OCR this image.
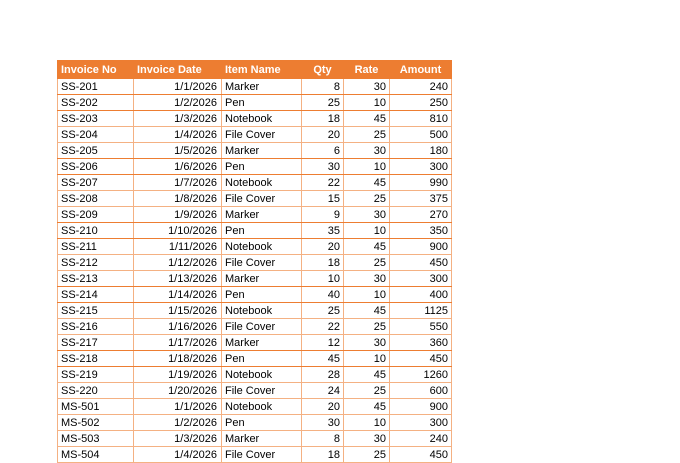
Invoice No	Invoice Date	Item Name	Qty	Rate	Amount
SS-201	1/1/2026	Marker	8	30	240
SS-202	1/2/2026	Pen	25	10	250
SS-203	1/3/2026	Notebook	18	45	810
SS-204	1/4/2026	File Cover	20	25	500
SS-205	1/5/2026	Marker	6	30	180
SS-206	1/6/2026	Pen	30	10	300
SS-207	1/7/2026	Notebook	22	45	990
SS-208	1/8/2026	File Cover	15	25	375
SS-209	1/9/2026	Marker	9	30	270
SS-210	1/10/2026	Pen	35	10	350
SS-211	1/11/2026	Notebook	20	45	900
SS-212	1/12/2026	File Cover	18	25	450
SS-213	1/13/2026	Marker	10	30	300
SS-214	1/14/2026	Pen	40	10	400
SS-215	1/15/2026	Notebook	25	45	1125
SS-216	1/16/2026	File Cover	22	25	550
SS-217	1/17/2026	Marker	12	30	360
SS-218	1/18/2026	Pen	45	10	450
SS-219	1/19/2026	Notebook	28	45	1260
SS-220	1/20/2026	File Cover	24	25	600
MS-501	1/1/2026	Notebook	20	45	900
MS-502	1/2/2026	Pen	30	10	300
MS-503	1/3/2026	Marker	8	30	240
MS-504	1/4/2026	File Cover	18	25	450
